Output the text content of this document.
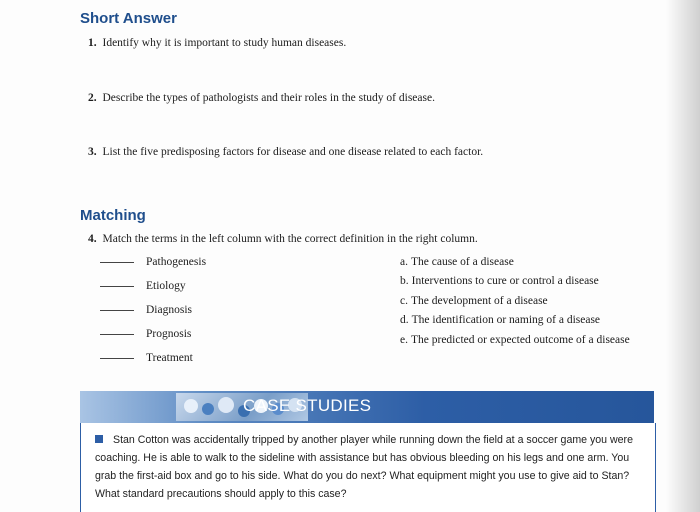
Short Answer
1. Identify why it is important to study human diseases.
2. Describe the types of pathologists and their roles in the study of disease.
3. List the five predisposing factors for disease and one disease related to each factor.
Matching
4. Match the terms in the left column with the correct definition in the right column.
Pathogenesis
Etiology
Diagnosis
Prognosis
Treatment
a. The cause of a disease
b. Interventions to cure or control a disease
c. The development of a disease
d. The identification or naming of a disease
e. The predicted or expected outcome of a disease
CASE STUDIES
Stan Cotton was accidentally tripped by another player while running down the field at a soccer game you were coaching. He is able to walk to the sideline with assistance but has obvious bleeding on his legs and one arm. You grab the first-aid box and go to his side. What do you do next? What equipment might you use to give aid to Stan? What standard precautions should apply to this case?
